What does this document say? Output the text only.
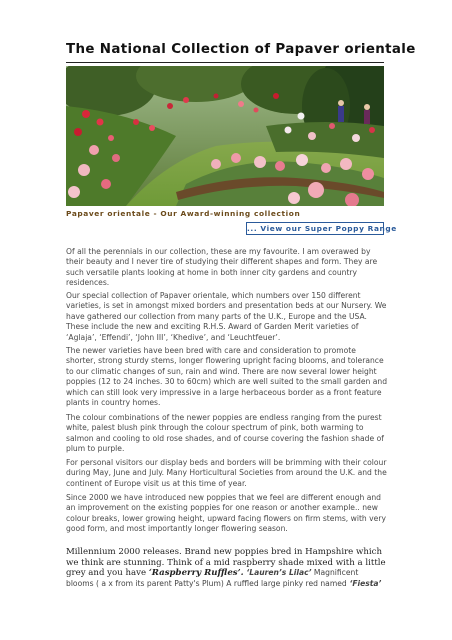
The National Collection of Papaver orientale
Papaver orientale - Our Award-winning collection
... View our Super Poppy Range

Of all the perennials in our collection, these are my favourite. I am overawed by their beauty and I never tire of studying their different shapes and form. They are such versatile plants looking at home in both inner city gardens and country residences.

Our special collection of Papaver orientale, which numbers over 150 different varieties, is set in amongst mixed borders and presentation beds at our Nursery. We have gathered our collection from many parts of the U.K., Europe and the USA. These include the new and exciting R.H.S. Award of Garden Merit varieties of ‘Aglaja’, ‘Effendi’, ‘John III’, ‘Khedive’, and ‘Leuchtfeuer’.

The newer varieties have been bred with care and consideration to promote shorter, strong sturdy stems, longer flowering upright facing blooms, and tolerance to our climatic changes of sun, rain and wind. There are now several lower height poppies (12 to 24 inches. 30 to 60cm) which are well suited to the small garden and which can still look very impressive in a large herbaceous border as a front feature plants in country homes.

The colour combinations of the newer poppies are endless ranging from the purest white, palest blush pink through the colour spectrum of pink, both warming to salmon and cooling to old rose shades, and of course covering the fashion shade of plum to purple.

For personal visitors our display beds and borders will be brimming with their colour during May, June and July. Many Horticultural Societies from around the U.K. and the continent of Europe visit us at this time of year.

Since 2000 we have introduced new poppies that we feel are different enough and an improvement on the existing poppies for one reason or another example.. new colour breaks, lower growing height, upward facing flowers on firm stems, with very good form, and most importantly longer flowering season.

Millennium 2000 releases. Brand new poppies bred in Hampshire which we think are stunning. Think of a mid raspberry shade mixed with a little grey and you have ‘Raspberry Ruffles’. ‘Lauren’s Lilac’ Magnificent blooms ( a x from its parent Patty's Plum) A ruffled large pinky red named ‘Fiesta’
